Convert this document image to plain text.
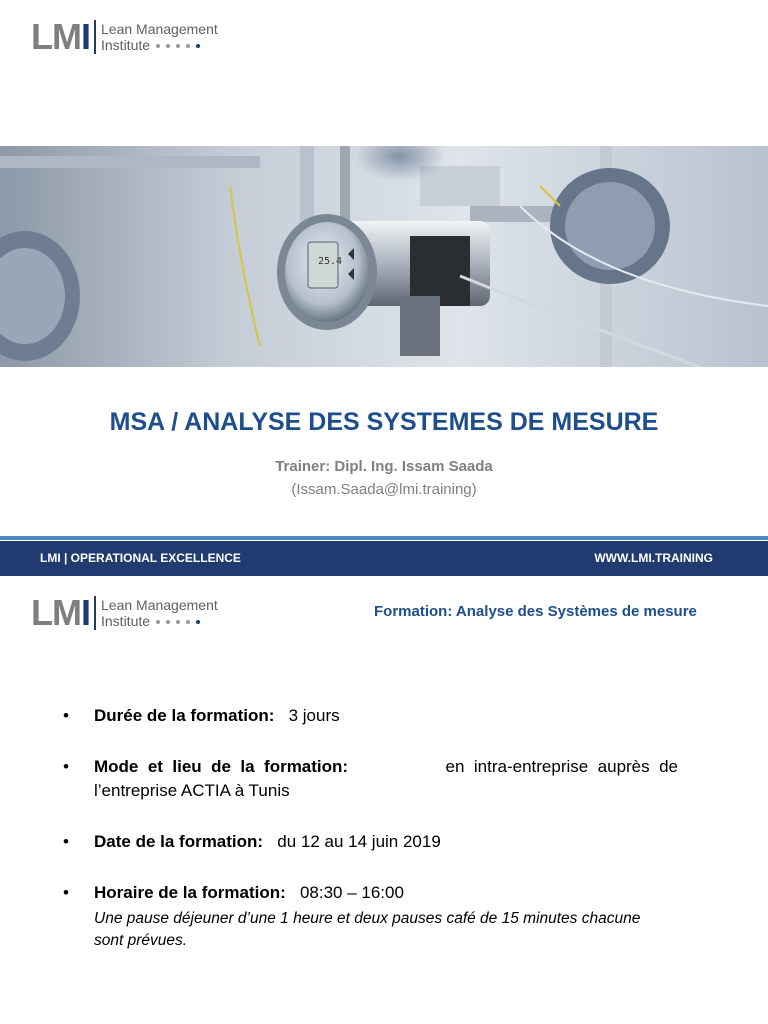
LM I Lean Management
Institute
25.4
MSA / ANALYSE DES SYSTEMES DE MESURE
Trainer: Dipl. Ing. Issam Saada
(Issam.Saada@lmi.training)
LMI | OPERATIONAL EXCELLENCE	WWW.LMI.TRAINING
LM I Lean Management
Institute
Formation: Analyse des Systèmes de mesure
• Durée de la formation: 3 jours
• Mode  et  lieu  de  la  formation:	en  intra-entreprise  auprès  de
l’entreprise ACTIA à Tunis
• Date de la formation: du 12 au 14 juin 2019
• Horaire de la formation: 08:30 – 16:00
Une pause déjeuner d’une 1 heure et deux pauses café de 15 minutes chacune sont prévues.
